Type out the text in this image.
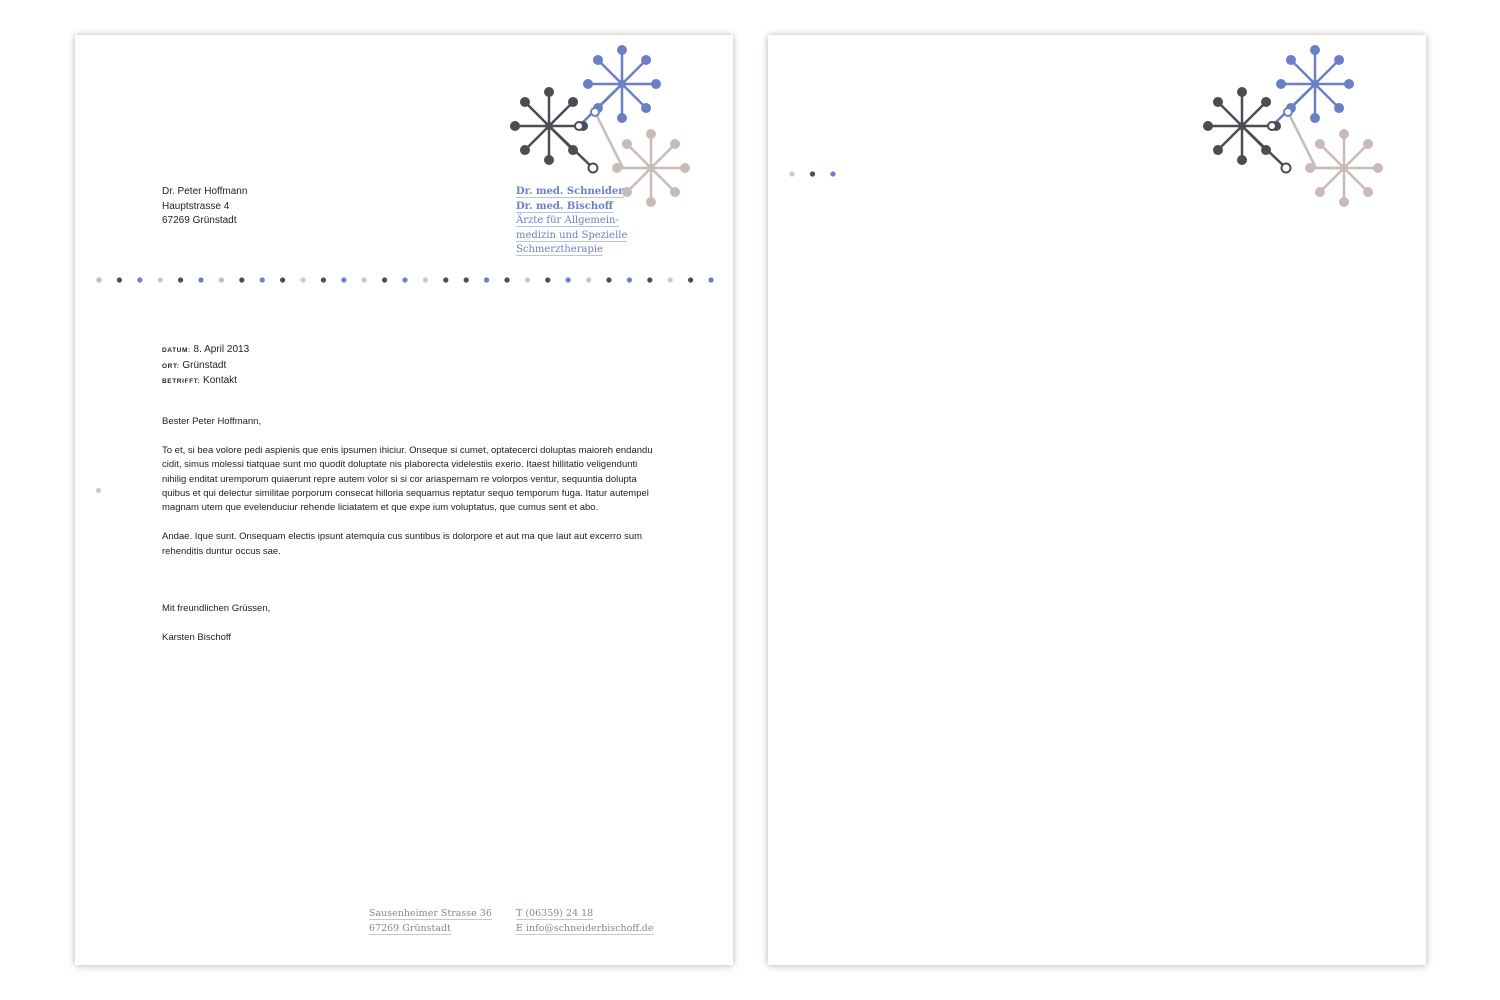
Dr. Peter Hoffmann
Hauptstrasse 4
67269 Grünstadt
Dr. med. Schneider
Dr. med. Bischoff
Ärzte für Allgemein-
medizin und Spezielle
Schmerztherapie
DATUM: 8. April 2013
ORT: Grünstadt
BETRIFFT: Kontakt

Bester Peter Hoffmann,

To et, si bea volore pedi aspienis que enis ipsumen ihiciur. Onseque si cumet, optatecerci doluptas maioreh endandu cidit, simus molessi tiatquae sunt mo quodit doluptate nis plaborecta videlestiis exerio. Itaest hillitatio veligendunti nihilig enditat uremporum quiaerunt repre autem volor si si cor ariaspernam re volorpos ventur, sequuntia dolupta quibus et qui delectur similitae porporum consecat hilloria sequamus reptatur sequo temporum fuga. Itatur autempel magnam utem que evelenduciur rehende liciatatem et que expe ium voluptatus, que cumus sent et abo.

Andae. Ique sunt. Onsequam electis ipsunt atemquia cus suntibus is dolorpore et aut ma que laut aut excerro sum rehenditis duntur occus sae.

Mit freundlichen Grüssen,

Karsten Bischoff

Sausenheimer Strasse 36
67269 Grünstadt
T (06359) 24 18
E info@schneiderbischoff.de
